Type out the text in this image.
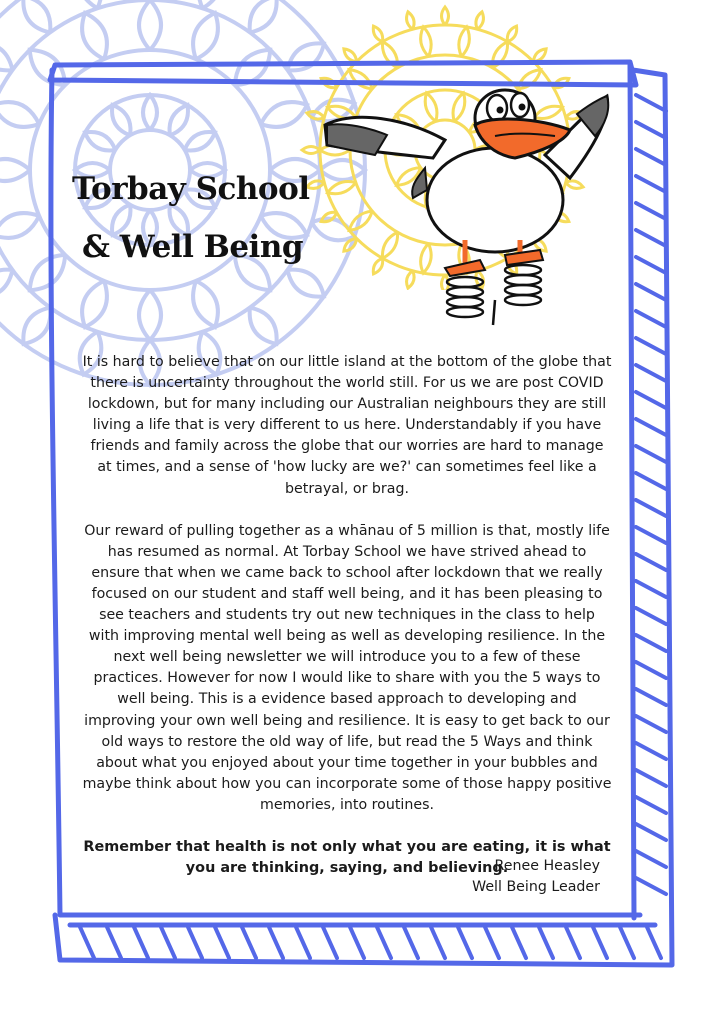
Torbay School
& Well Being

It is hard to believe that on our little island at the bottom of the globe that there is uncertainty throughout the world still. For us we are post COVID lockdown, but for many including our Australian neighbours they are still living a life that is very different to us here. Understandably if you have friends and family across the globe that our worries are hard to manage at times, and a sense of 'how lucky are we?' can sometimes feel like a betrayal, or brag.

Our reward of pulling together as a whānau of 5 million is that, mostly life has resumed as normal. At Torbay School we have strived ahead to ensure that when we came back to school after lockdown that we really focused on our student and staff well being, and it has been pleasing to see teachers and students try out new techniques in the class to help with improving mental well being as well as developing resilience. In the next well being newsletter we will introduce you to a few of these practices. However for now I would like to share with you the 5 ways to well being. This is a evidence based approach to developing and improving your own well being and resilience. It is easy to get back to our old ways to restore the old way of life, but read the 5 Ways and think about what you enjoyed about your time together in your bubbles and maybe think about how you can incorporate some of those happy positive memories, into routines.

Remember that health is not only what you are eating, it is what you are thinking, saying, and believing.

Renee Heasley
Well Being Leader
